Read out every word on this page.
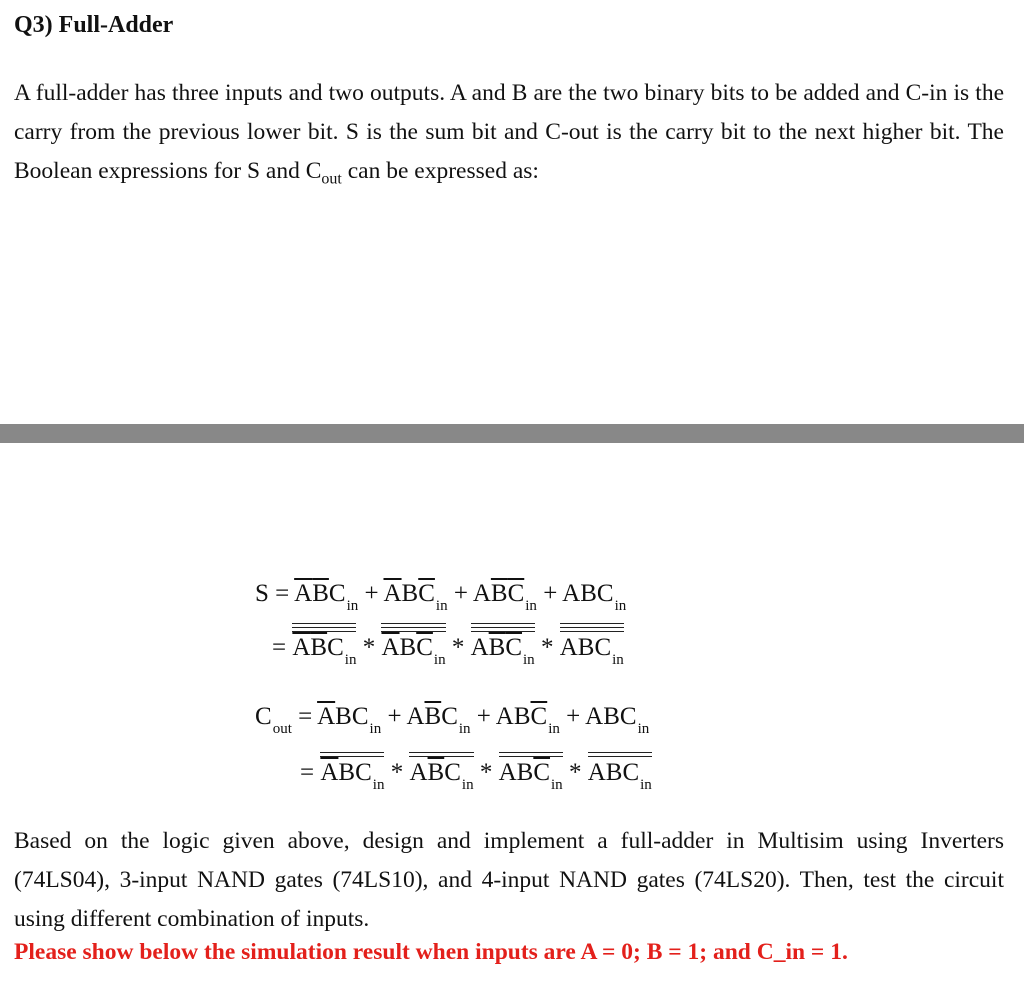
Q3) Full-Adder
A full-adder has three inputs and two outputs. A and B are the two binary bits to be added and C-in is the carry from the previous lower bit. S is the sum bit and C-out is the carry bit to the next higher bit. The Boolean expressions for S and $C_{out}$ can be expressed as:
$S = \overline{A}\overline{B}C_{in} + \overline{A}B\overline{C}_{in} + A\overline{B}\overline{C}_{in} + ABC_{in}$
=
$\overline{A}\overline{B}C_{in}$ *
$\overline{A}B\overline{C}_{in}$ *
$A\overline{B}\overline{C}_{in}$ *
$ABC_{in}$
$C_{out} = \overline{A}BC_{in} + A\overline{B}C_{in} + AB\overline{C}_{in} + ABC_{in}$
= $\overline{A}BC_{in} * A\overline{B}C_{in} * AB\overline{C}_{in} * ABC_{in}$
Based on the logic given above, design and implement a full-adder in Multisim using Inverters (74LS04), 3-input NAND gates (74LS10), and 4-input NAND gates (74LS20). Then, test the circuit using different combination of inputs.
Please show below the simulation result when inputs are A = 0; B = 1; and C_in = 1.
